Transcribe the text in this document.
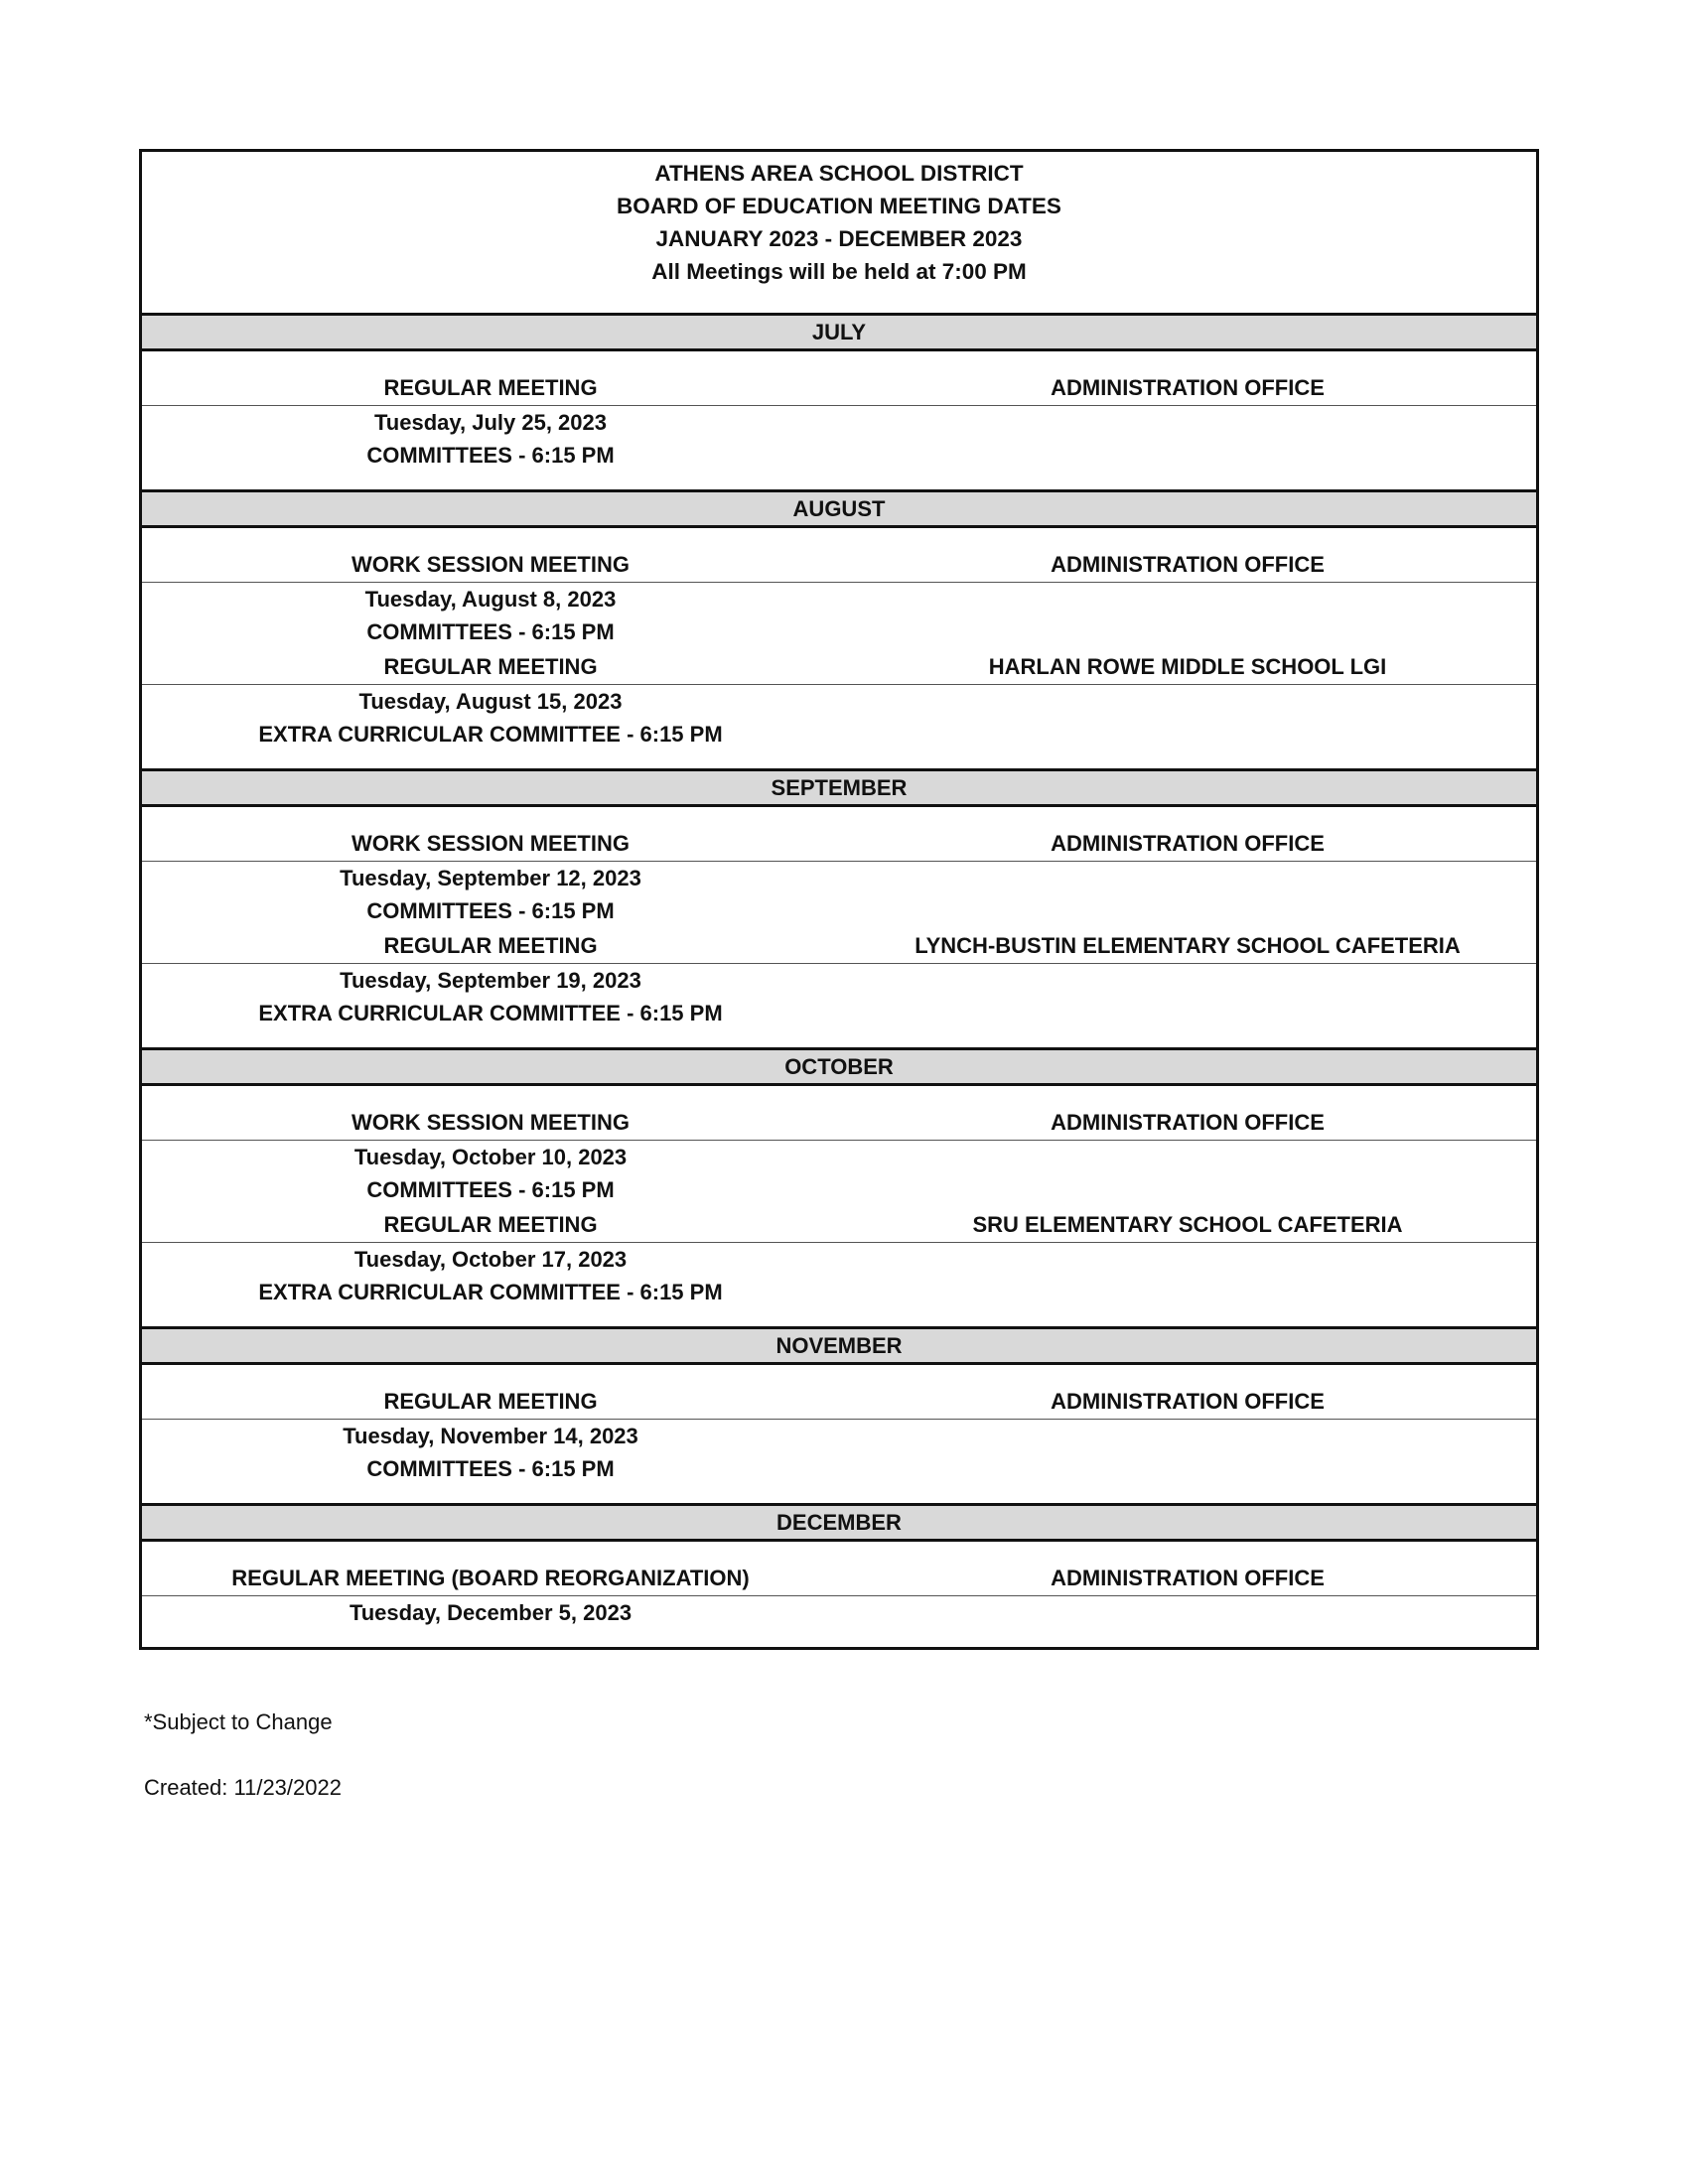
ATHENS AREA SCHOOL DISTRICT
BOARD OF EDUCATION MEETING DATES
JANUARY 2023 - DECEMBER 2023
All Meetings will be held at 7:00 PM
JULY
REGULAR MEETING	ADMINISTRATION OFFICE
Tuesday, July 25, 2023
COMMITTEES - 6:15 PM
AUGUST
WORK SESSION MEETING	ADMINISTRATION OFFICE
Tuesday, August 8, 2023
COMMITTEES - 6:15 PM
REGULAR MEETING	HARLAN ROWE MIDDLE SCHOOL LGI
Tuesday, August 15, 2023
EXTRA CURRICULAR COMMITTEE - 6:15 PM
SEPTEMBER
WORK SESSION MEETING	ADMINISTRATION OFFICE
Tuesday, September 12, 2023
COMMITTEES - 6:15 PM
REGULAR MEETING	LYNCH-BUSTIN ELEMENTARY SCHOOL CAFETERIA
Tuesday, September 19, 2023
EXTRA CURRICULAR COMMITTEE - 6:15 PM
OCTOBER
WORK SESSION MEETING	ADMINISTRATION OFFICE
Tuesday, October 10, 2023
COMMITTEES - 6:15 PM
REGULAR MEETING	SRU ELEMENTARY SCHOOL CAFETERIA
Tuesday, October 17, 2023
EXTRA CURRICULAR COMMITTEE - 6:15 PM
NOVEMBER
REGULAR MEETING	ADMINISTRATION OFFICE
Tuesday, November 14, 2023
COMMITTEES - 6:15 PM
DECEMBER
REGULAR MEETING (BOARD REORGANIZATION)	ADMINISTRATION OFFICE
Tuesday, December 5, 2023
*Subject to Change
Created: 11/23/2022
